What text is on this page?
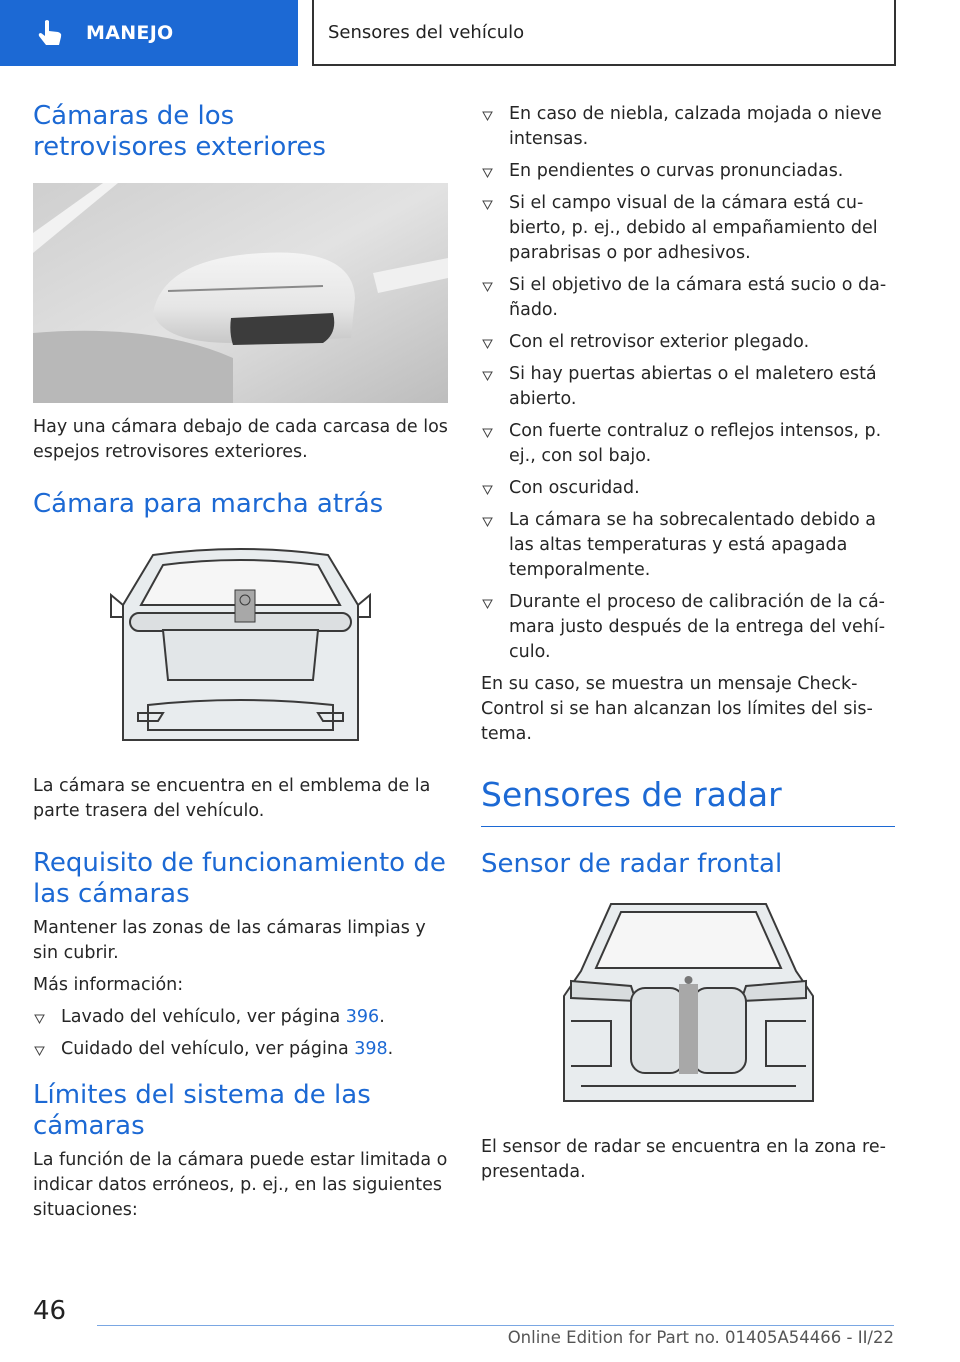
MANEJO	Sensores del vehículo
Cámaras de los retrovisores exteriores

Hay una cámara debajo de cada carcasa de los espejos retrovisores exteriores.

Cámara para marcha atrás

La cámara se encuentra en el emblema de la parte trasera del vehículo.

Requisito de funcionamiento de las cámaras

Mantener las zonas de las cámaras limpias y sin cubrir.

Más información:

Lavado del vehículo, ver página 396.
Cuidado del vehículo, ver página 398.
Límites del sistema de las cámaras

La función de la cámara puede estar limitada o indicar datos erróneos, p. ej., en las siguientes situaciones:

En caso de niebla, calzada mojada o nieve intensas.
En pendientes o curvas pronunciadas.
Si el campo visual de la cámara está cubierto, p. ej., debido al empañamiento del parabrisas o por adhesivos.
Si el objetivo de la cámara está sucio o dañado.
Con el retrovisor exterior plegado.
Si hay puertas abiertas o el maletero está abierto.
Con fuerte contraluz o reflejos intensos, p. ej., con sol bajo.
Con oscuridad.
La cámara se ha sobrecalentado debido a las altas temperaturas y está apagada temporalmente.
Durante el proceso de calibración de la cámara justo después de la entrega del vehículo.

En su caso, se muestra un mensaje Check-Control si se han alcanzan los límites del sistema.

Sensores de radar
Sensor de radar frontal

El sensor de radar se encuentra en la zona representada.

46
Online Edition for Part no. 01405A54466 - II/22
